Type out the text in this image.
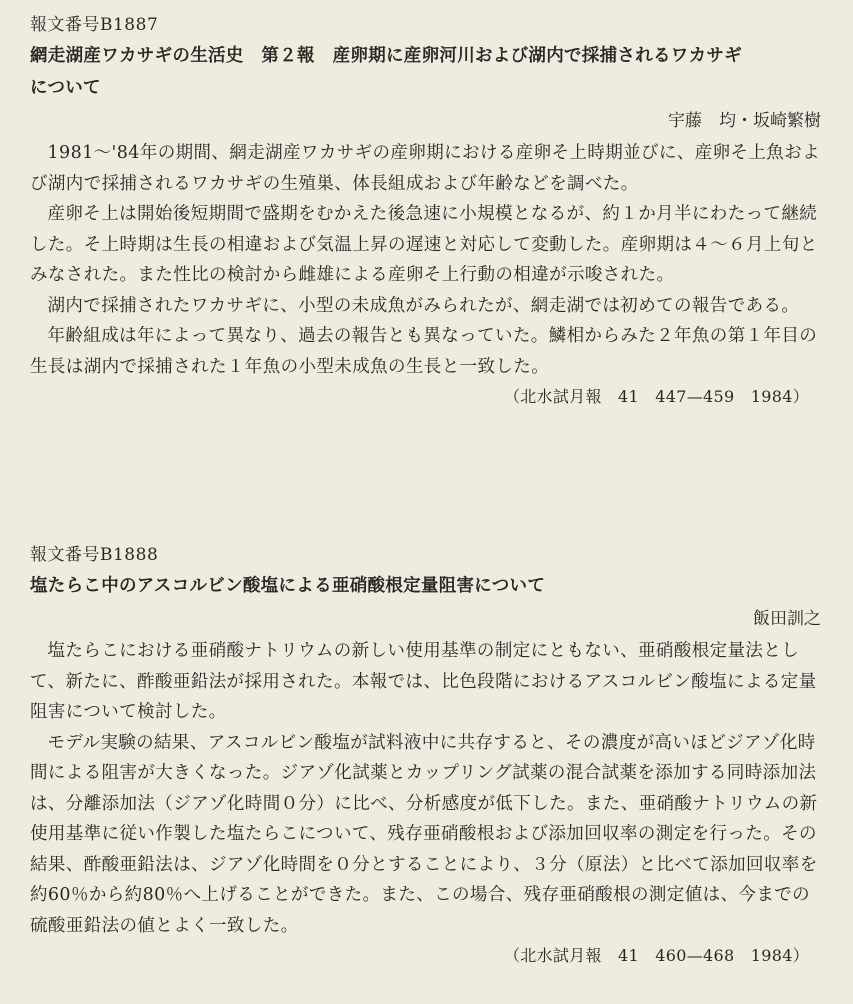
報文番号B1887
網走湖産ワカサギの生活史　第２報　産卵期に産卵河川および湖内で採捕されるワカサギ
について
宇藤　均・坂崎繁樹

1981～'84年の期間、網走湖産ワカサギの産卵期における産卵そ上時期並びに、産卵そ上魚および湖内で採捕されるワカサギの生殖巣、体長組成および年齢などを調べた。

産卵そ上は開始後短期間で盛期をむかえた後急速に小規模となるが、約１か月半にわたって継続した。そ上時期は生長の相違および気温上昇の遅速と対応して変動した。産卵期は４～６月上旬とみなされた。また性比の検討から雌雄による産卵そ上行動の相違が示唆された。

湖内で採捕されたワカサギに、小型の未成魚がみられたが、網走湖では初めての報告である。

年齢組成は年によって異なり、過去の報告とも異なっていた。鱗相からみた２年魚の第１年目の生長は湖内で採捕された１年魚の小型未成魚の生長と一致した。

（北水試月報　41　447—459　1984）
報文番号B1888
塩たらこ中のアスコルビン酸塩による亜硝酸根定量阻害について
飯田訓之

塩たらこにおける亜硝酸ナトリウムの新しい使用基準の制定にともない、亜硝酸根定量法として、新たに、酢酸亜鉛法が採用された。本報では、比色段階におけるアスコルビン酸塩による定量阻害について検討した。

モデル実験の結果、アスコルビン酸塩が試料液中に共存すると、その濃度が高いほどジアゾ化時間による阻害が大きくなった。ジアゾ化試薬とカップリング試薬の混合試薬を添加する同時添加法は、分離添加法（ジアゾ化時間０分）に比べ、分析感度が低下した。また、亜硝酸ナトリウムの新使用基準に従い作製した塩たらこについて、残存亜硝酸根および添加回収率の測定を行った。その結果、酢酸亜鉛法は、ジアゾ化時間を０分とすることにより、３分（原法）と比べて添加回収率を約60％から約80％へ上げることができた。また、この場合、残存亜硝酸根の測定値は、今までの硫酸亜鉛法の値とよく一致した。

（北水試月報　41　460—468　1984）
